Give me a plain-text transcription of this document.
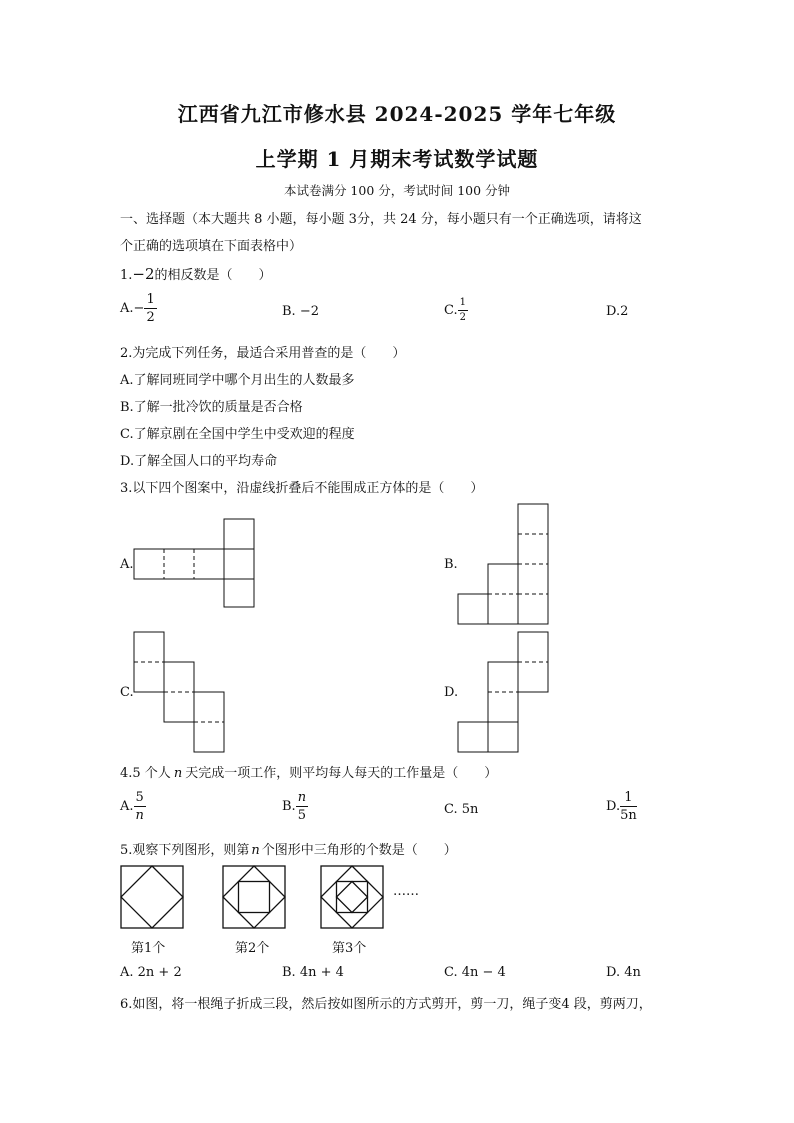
江西省九江市修水县 2024-2025 学年七年级
上学期 1 月期末考试数学试题
本试卷满分 100 分，考试时间 100 分钟
一、选择题（本大题共 8 小题，每小题 3分，共 24 分，每小题只有一个正确选项，请将这
个正确的选项填在下面表格中）
1.−2的相反数是（　　）
$A.- \frac{1}{2}$	B. −2	C. $\frac{1}{2}$	D.2
2.为完成下列任务，最适合采用普查的是（　　）
A.了解同班同学中哪个月出生的人数最多
B.了解一批冷饮的质量是否合格
C.了解京剧在全国中学生中受欢迎的程度
D.了解全国人口的平均寿命
3.以下四个图案中，沿虚线折叠后不能围成正方体的是（　　）
A.	B.
C.	D.
4.5 个人 n 天完成一项工作，则平均每人每天的工作量是（　　）
A. $\frac{5}{n}$	B. $\frac{n}{5}$	C. 5n	D. $\frac{1}{5n}$
5.观察下列图形，则第 n 个图形中三角形的个数是（　　）
……
第1个	第2个	第3个
A. 2n + 2	B. 4n + 4	C. 4n − 4	D. 4n
6.如图，将一根绳子折成三段，然后按如图所示的方式剪开，剪一刀，绳子变4 段，剪两刀，
